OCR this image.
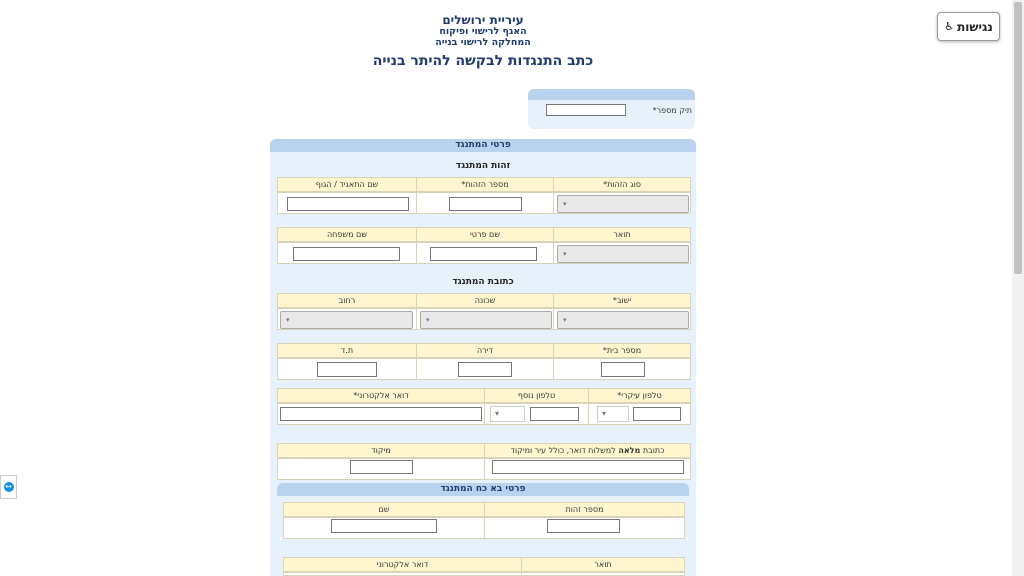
עיריית ירושלים
האגף לרישוי ופיקוח
המחלקה לרישוי בנייה
כתב התנגדות לבקשה להיתר בנייה
נגישות
♿
↔
*תיק מספר
פרטי המתנגד
זהות המתנגד
*סוג הזהות
*מספר הזהות
שם התאגיד / הגוף
▾
תואר
שם פרטי
שם משפחה
▾
כתובת המתנגד
*ישוב
שכונה
רחוב
▾
▾
▾
*מספר בית
דירה
ת.ד
*טלפון עיקרי
טלפון נוסף
*דואר אלקטרוני
▾
▾
כתובת מלאה למשלוח דואר, כולל עיר ומיקוד
מיקוד
פרטי בא כח המתנגד
מספר זהות
שם
תואר
דואר אלקטרוני
